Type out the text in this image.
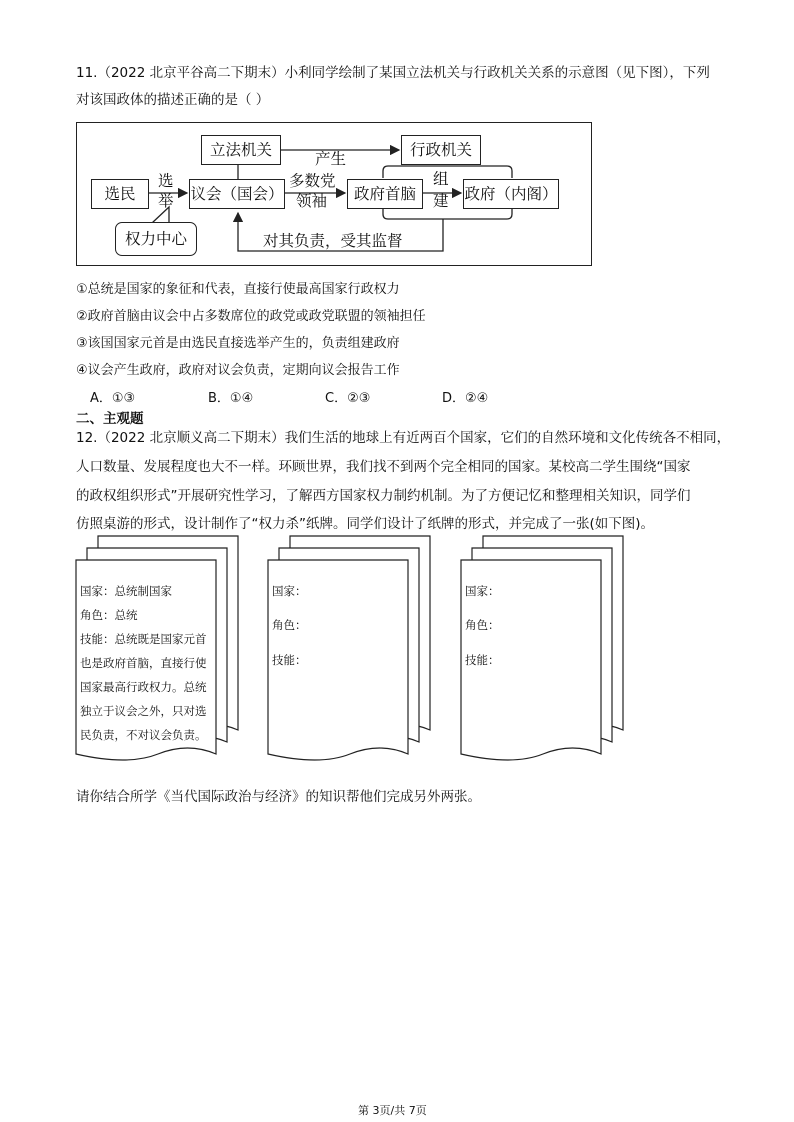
11.（2022 北京平谷高二下期末）小利同学绘制了某国立法机关与行政机关关系的示意图（见下图），下列
对该国政体的描述正确的是（ ）
立法机关	行政机关
产生
选民
选
举 议会（国会）
多数党
领袖	政府首脑
组
建 政府（内阁）
权力中心	对其负责，受其监督
①总统是国家的象征和代表，直接行使最高国家行政权力
②政府首脑由议会中占多数席位的政党或政党联盟的领袖担任
③该国国家元首是由选民直接选举产生的，负责组建政府
④议会产生政府，政府对议会负责，定期向议会报告工作
A．①③	B．①④	C．②③	D．②④
二、主观题
12.（2022 北京顺义高二下期末）我们生活的地球上有近两百个国家，它们的自然环境和文化传统各不相同，
人口数量、发展程度也大不一样。环顾世界，我们找不到两个完全相同的国家。某校高二学生围绕“国家
的政权组织形式”开展研究性学习，了解西方国家权力制约机制。为了方便记忆和整理相关知识，同学们
仿照桌游的形式，设计制作了“权力杀”纸牌。同学们设计了纸牌的形式，并完成了一张(如下图)。
国家：总统制国家
角色：总统
技能：总统既是国家元首
也是政府首脑，直接行使
国家最高行政权力。总统
独立于议会之外，只对选
民负责，不对议会负责。
国家：
角色：
技能：
国家：
角色：
技能：
请你结合所学《当代国际政治与经济》的知识帮他们完成另外两张。
第 3页/共 7页
